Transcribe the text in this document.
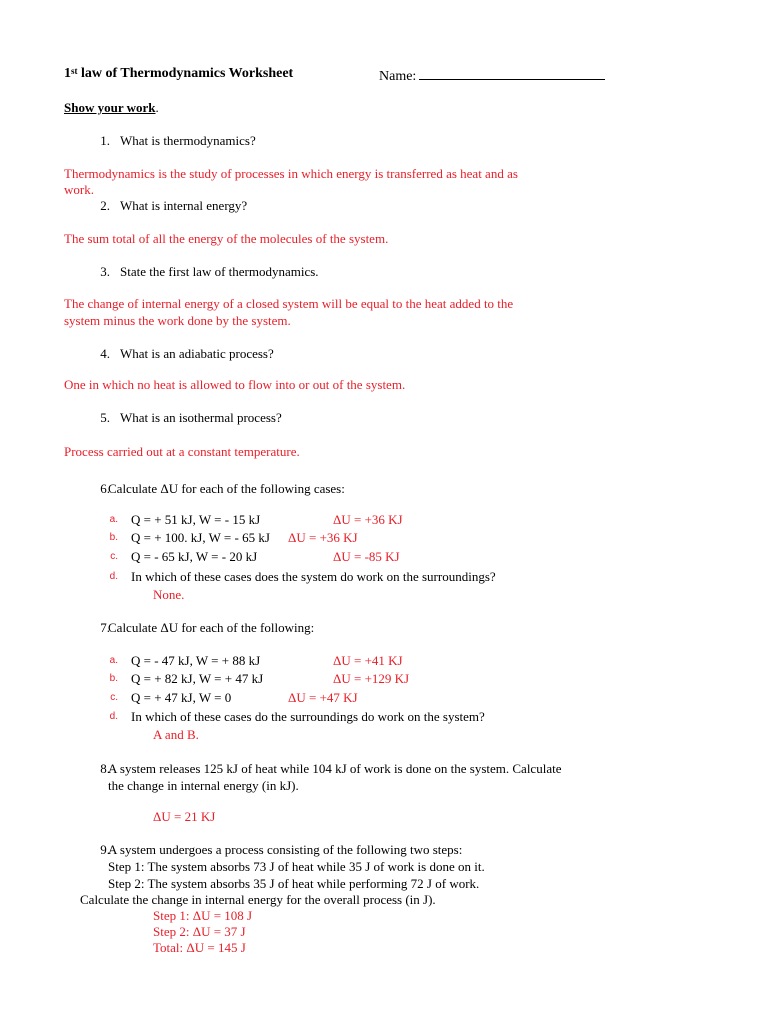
1st law of Thermodynamics Worksheet	Name:
Show your work.
1. What is thermodynamics?
Thermodynamics is the study of processes in which energy is transferred as heat and as
work.
2. What is internal energy?
The sum total of all the energy of the molecules of the system.
3. State the first law of thermodynamics.
The change of internal energy of a closed system will be equal to the heat added to the
system minus the work done by the system.
4. What is an adiabatic process?
One in which no heat is allowed to flow into or out of the system.
5. What is an isothermal process?
Process carried out at a constant temperature.
6.
Calculate ΔU for each of the following cases:
a. Q = + 51 kJ, W = - 15 kJ	ΔU = +36 KJ
b. Q = + 100. kJ, W = - 65 kJ ΔU = +36 KJ
c. Q = - 65 kJ, W = - 20 kJ	ΔU = -85 KJ
d. In which of these cases does the system do work on the surroundings?
None.
7.
Calculate ΔU for each of the following:
a. Q = - 47 kJ, W = + 88 kJ	ΔU = +41 KJ
b. Q = + 82 kJ, W = + 47 kJ	ΔU = +129 KJ
c. Q = + 47 kJ, W = 0	ΔU = +47 KJ
d. In which of these cases do the surroundings do work on the system?
A and B.
8.
A system releases 125 kJ of heat while 104 kJ of work is done on the system. Calculate
the change in internal energy (in kJ).
ΔU = 21 KJ
9.
A system undergoes a process consisting of the following two steps:
Step 1: The system absorbs 73 J of heat while 35 J of work is done on it.
Step 2: The system absorbs 35 J of heat while performing 72 J of work.
Calculate the change in internal energy for the overall process (in J).
Step 1: ΔU = 108 J
Step 2: ΔU = 37 J
Total: ΔU = 145 J
